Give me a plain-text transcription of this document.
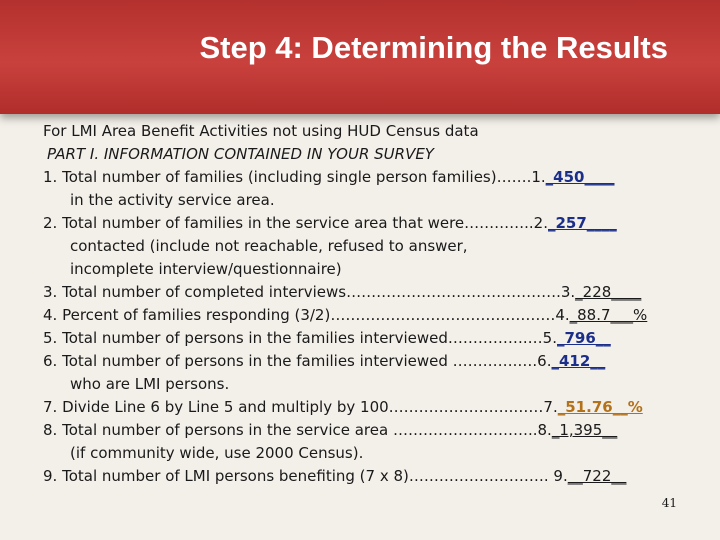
Step 4: Determining the Results
For LMI Area Benefit Activities not using HUD Census data
PART I. INFORMATION CONTAINED IN YOUR SURVEY
1. Total number of families (including single person families)…….1._450____
in the activity service area.
2. Total number of families in the service area that were…………..2._257____
contacted (include not reachable, refused to answer,
incomplete interview/questionnaire)
3. Total number of completed interviews…………………………………….3._228____
4. Percent of families responding (3/2)………………………………………4._88.7___%
5. Total number of persons in the families interviewed…………….…5._796__
6. Total number of persons in the families interviewed ………….….6._412__
who are LMI persons.
7. Divide Line 6 by Line 5 and multiply by 100…………………….……7._51.76__%
8. Total number of persons in the service area ………………………..8._1,395__
(if community wide, use 2000 Census).
9. Total number of LMI persons benefiting (7 x 8)………………………. 9.__722__
41
